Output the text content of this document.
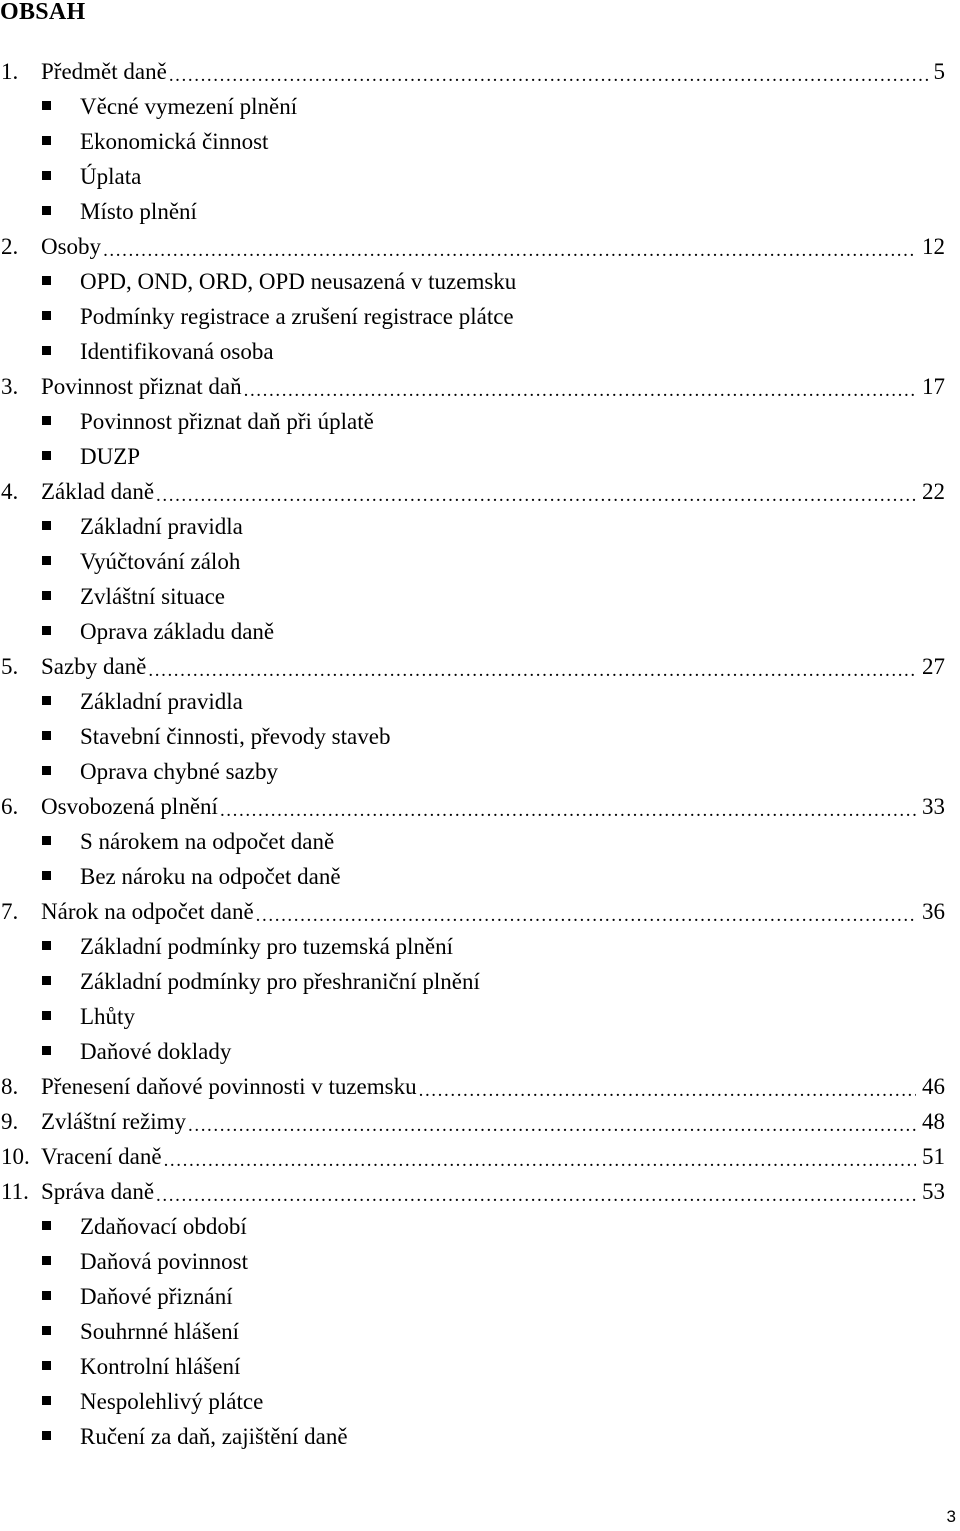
OBSAH
1. Předmět daně .....	5
Věcné vymezení plnění
Ekonomická činnost
Úplata
Místo plnění
2. Osoby .....	12
OPD, OND, ORD, OPD neusazená v tuzemsku
Podmínky registrace a zrušení registrace plátce
Identifikovaná osoba
3. Povinnost přiznat daň .....	17
Povinnost přiznat daň při úplatě
DUZP
4. Základ daně .....	22
Základní pravidla
Vyúčtování záloh
Zvláštní situace
Oprava základu daně
5. Sazby daně .....	27
Základní pravidla
Stavební činnosti, převody staveb
Oprava chybné sazby
6. Osvobozená plnění .....	33
S nárokem na odpočet daně
Bez nároku na odpočet daně
7. Nárok na odpočet daně .....	36
Základní podmínky pro tuzemská plnění
Základní podmínky pro přeshraniční plnění
Lhůty
Daňové doklady
8. Přenesení daňové povinnosti v tuzemsku .....	46
9. Zvláštní režimy .....	48
10. Vracení daně .....	51
11. Správa daně .....	53
Zdaňovací období
Daňová povinnost
Daňové přiznání
Souhrnné hlášení
Kontrolní hlášení
Nespolehlivý plátce
Ručení za daň, zajištění daně
3
